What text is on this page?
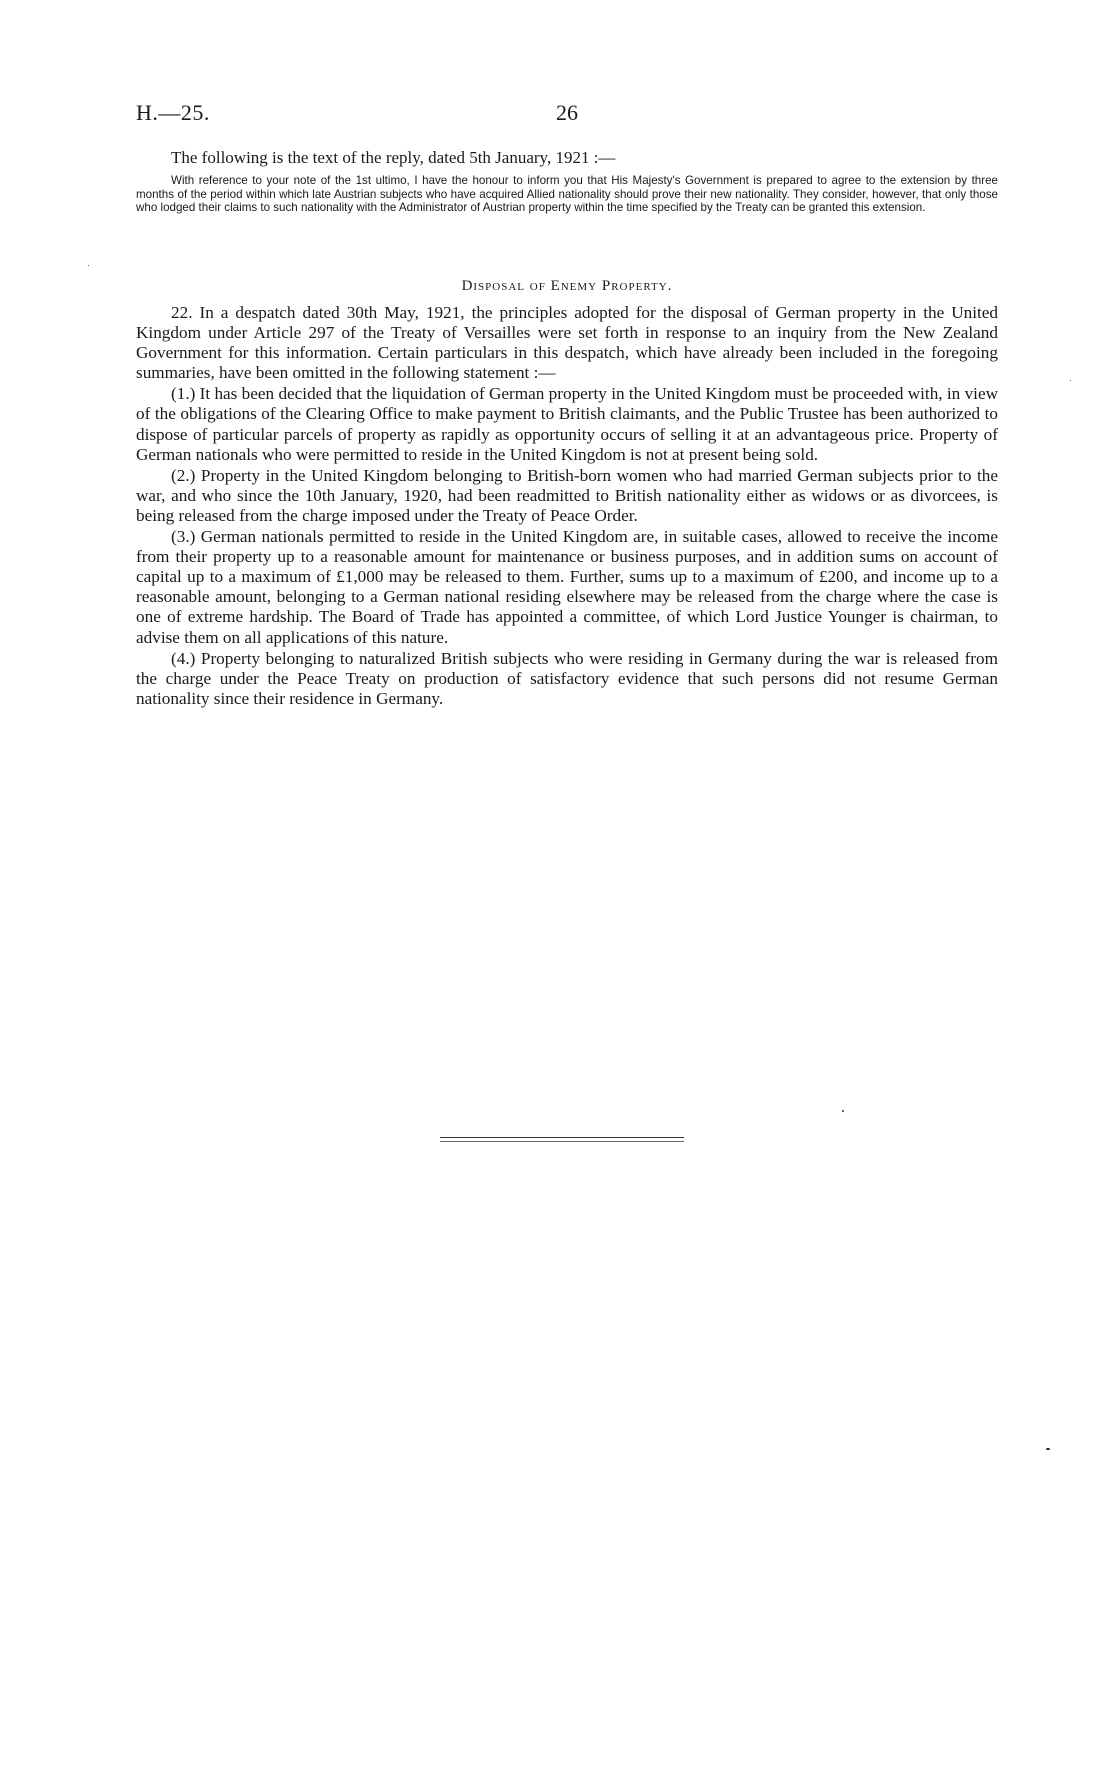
H.—25.	26
The following is the text of the reply, dated 5th January, 1921 :—
With reference to your note of the 1st ultimo, I have the honour to inform you that His Majesty's Government is prepared to agree to the extension by three months of the period within which late Austrian subjects who have acquired Allied nationality should prove their new nationality. They consider, however, that only those who lodged their claims to such nationality with the Administrator of Austrian property within the time specified by the Treaty can be granted this extension.
Disposal of Enemy Property.

22. In a despatch dated 30th May, 1921, the principles adopted for the disposal of German property in the United Kingdom under Article 297 of the Treaty of Versailles were set forth in response to an inquiry from the New Zealand Government for this information. Certain particulars in this despatch, which have already been included in the foregoing summaries, have been omitted in the following statement :—

(1.) It has been decided that the liquidation of German property in the United Kingdom must be proceeded with, in view of the obligations of the Clearing Office to make payment to British claimants, and the Public Trustee has been authorized to dispose of particular parcels of property as rapidly as opportunity occurs of selling it at an advantageous price. Property of German nationals who were permitted to reside in the United Kingdom is not at present being sold.

(2.) Property in the United Kingdom belonging to British-born women who had married German subjects prior to the war, and who since the 10th January, 1920, had been readmitted to British nationality either as widows or as divorcees, is being released from the charge imposed under the Treaty of Peace Order.

(3.) German nationals permitted to reside in the United Kingdom are, in suitable cases, allowed to receive the income from their property up to a reasonable amount for maintenance or business purposes, and in addition sums on account of capital up to a maximum of £1,000 may be released to them. Further, sums up to a maximum of £200, and income up to a reasonable amount, belonging to a German national residing elsewhere may be released from the charge where the case is one of extreme hardship. The Board of Trade has appointed a committee, of which Lord Justice Younger is chairman, to advise them on all applications of this nature.

(4.) Property belonging to naturalized British subjects who were residing in Germany during the war is released from the charge under the Peace Treaty on production of satisfactory evidence that such persons did not resume German nationality since their residence in Germany.
